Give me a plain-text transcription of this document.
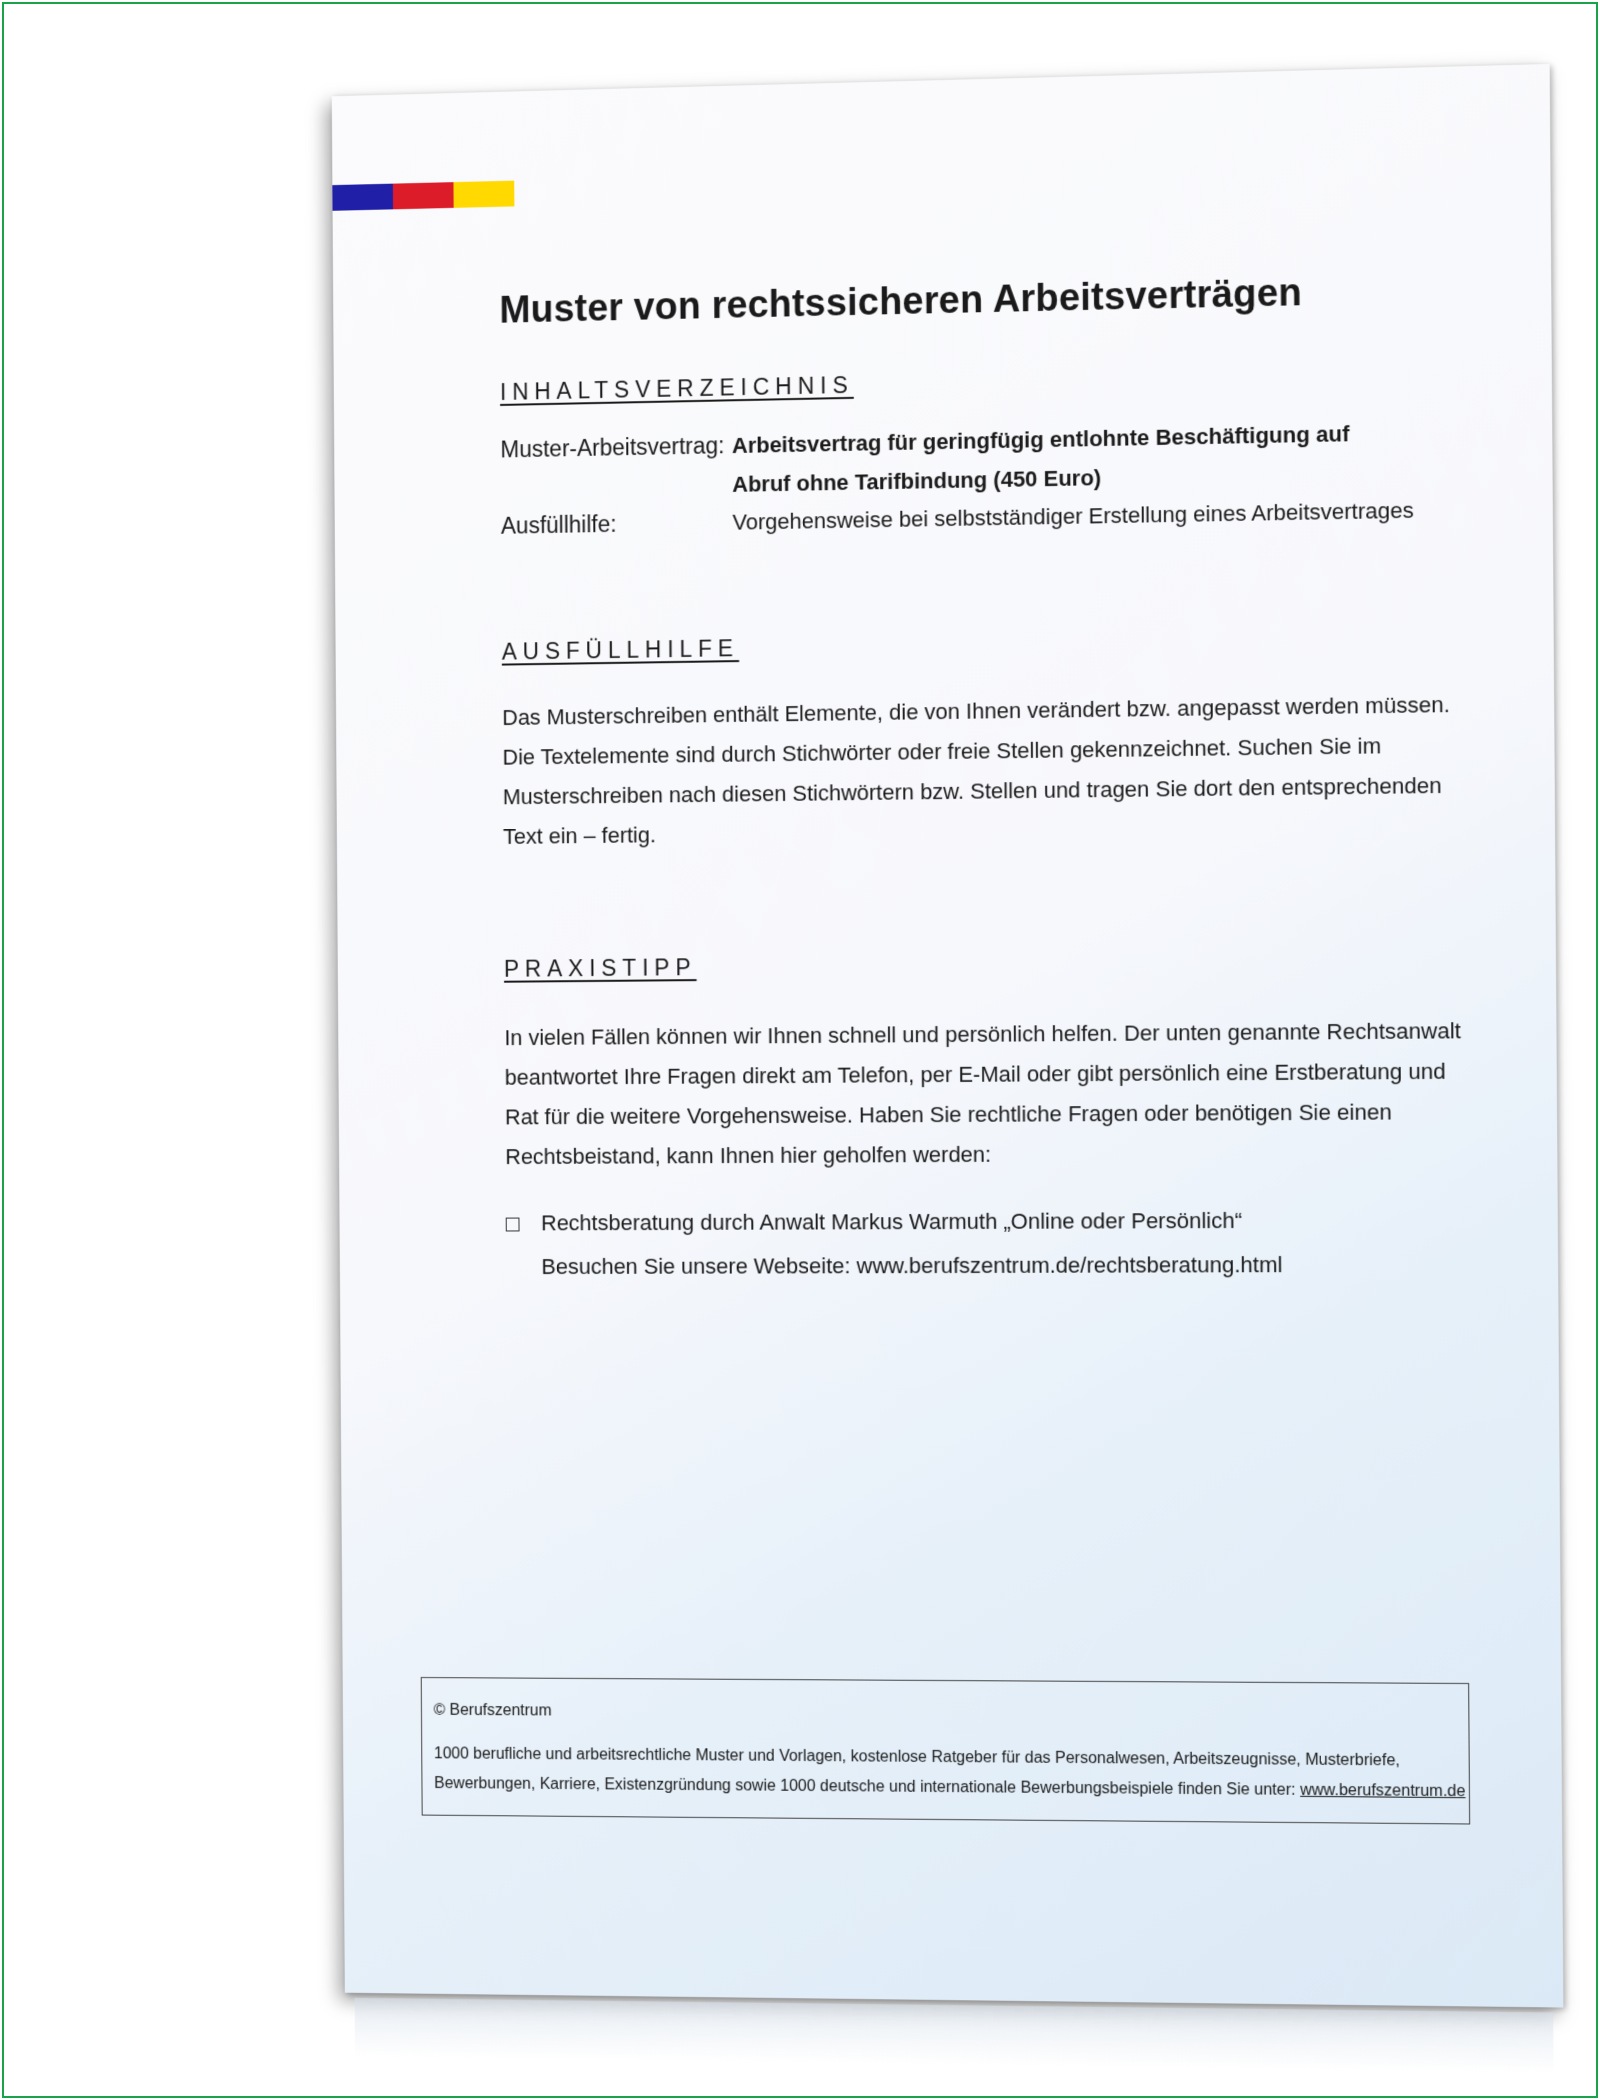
Muster von rechtssicheren Arbeitsverträgen
INHALTSVERZEICHNIS
Muster-Arbeitsvertrag: Arbeitsvertrag für geringfügig entlohnte Beschäftigung auf
Abruf ohne Tarifbindung (450 Euro)
Ausfüllhilfe:	Vorgehensweise bei selbstständiger Erstellung eines Arbeitsvertrages
AUSFÜLLHILFE
Das Musterschreiben enthält Elemente, die von Ihnen verändert bzw. angepasst werden müssen.
Die Textelemente sind durch Stichwörter oder freie Stellen gekennzeichnet. Suchen Sie im
Musterschreiben nach diesen Stichwörtern bzw. Stellen und tragen Sie dort den entsprechenden
Text ein – fertig.
PRAXISTIPP
In vielen Fällen können wir Ihnen schnell und persönlich helfen. Der unten genannte Rechtsanwalt
beantwortet Ihre Fragen direkt am Telefon, per E-Mail oder gibt persönlich eine Erstberatung und
Rat für die weitere Vorgehensweise. Haben Sie rechtliche Fragen oder benötigen Sie einen
Rechtsbeistand, kann Ihnen hier geholfen werden:
Rechtsberatung durch Anwalt Markus Warmuth „Online oder Persönlich“
Besuchen Sie unsere Webseite: www.berufszentrum.de/rechtsberatung.html
© Berufszentrum
1000 berufliche und arbeitsrechtliche Muster und Vorlagen, kostenlose Ratgeber für das Personalwesen, Arbeitszeugnisse, Musterbriefe,
Bewerbungen, Karriere, Existenzgründung sowie 1000 deutsche und internationale Bewerbungsbeispiele finden Sie unter: www.berufszentrum.de
